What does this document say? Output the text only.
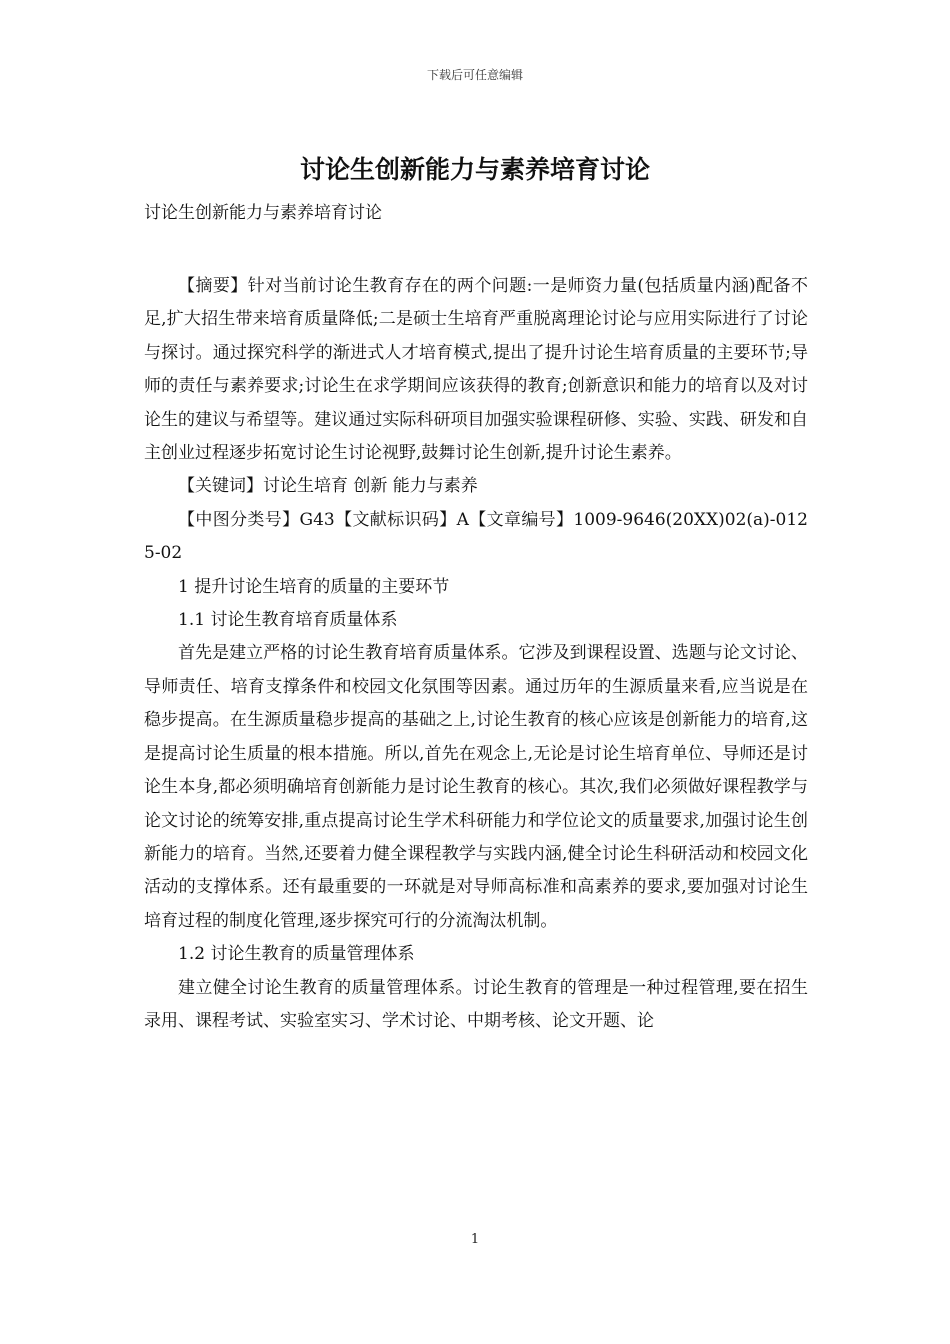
下载后可任意编辑
讨论生创新能力与素养培育讨论

讨论生创新能力与素养培育讨论

【摘要】针对当前讨论生教育存在的两个问题:一是师资力量(包括质量内涵)配备不足,扩大招生带来培育质量降低;二是硕士生培育严重脱离理论讨论与应用实际进行了讨论与探讨。通过探究科学的渐进式人才培育模式,提出了提升讨论生培育质量的主要环节;导师的责任与素养要求;讨论生在求学期间应该获得的教育;创新意识和能力的培育以及对讨论生的建议与希望等。建议通过实际科研项目加强实验课程研修、实验、实践、研发和自主创业过程逐步拓宽讨论生讨论视野,鼓舞讨论生创新,提升讨论生素养。

【关键词】讨论生培育 创新 能力与素养

【中图分类号】G43【文献标识码】A【文章编号】1009-9646(20XX)02(a)-0125-02

1 提升讨论生培育的质量的主要环节

1.1 讨论生教育培育质量体系

首先是建立严格的讨论生教育培育质量体系。它涉及到课程设置、选题与论文讨论、导师责任、培育支撑条件和校园文化氛围等因素。通过历年的生源质量来看,应当说是在稳步提高。在生源质量稳步提高的基础之上,讨论生教育的核心应该是创新能力的培育,这是提高讨论生质量的根本措施。所以,首先在观念上,无论是讨论生培育单位、导师还是讨论生本身,都必须明确培育创新能力是讨论生教育的核心。其次,我们必须做好课程教学与论文讨论的统筹安排,重点提高讨论生学术科研能力和学位论文的质量要求,加强讨论生创新能力的培育。当然,还要着力健全课程教学与实践内涵,健全讨论生科研活动和校园文化活动的支撑体系。还有最重要的一环就是对导师高标准和高素养的要求,要加强对讨论生培育过程的制度化管理,逐步探究可行的分流淘汰机制。

1.2 讨论生教育的质量管理体系

建立健全讨论生教育的质量管理体系。讨论生教育的管理是一种过程管理,要在招生录用、课程考试、实验室实习、学术讨论、中期考核、论文开题、论

1
